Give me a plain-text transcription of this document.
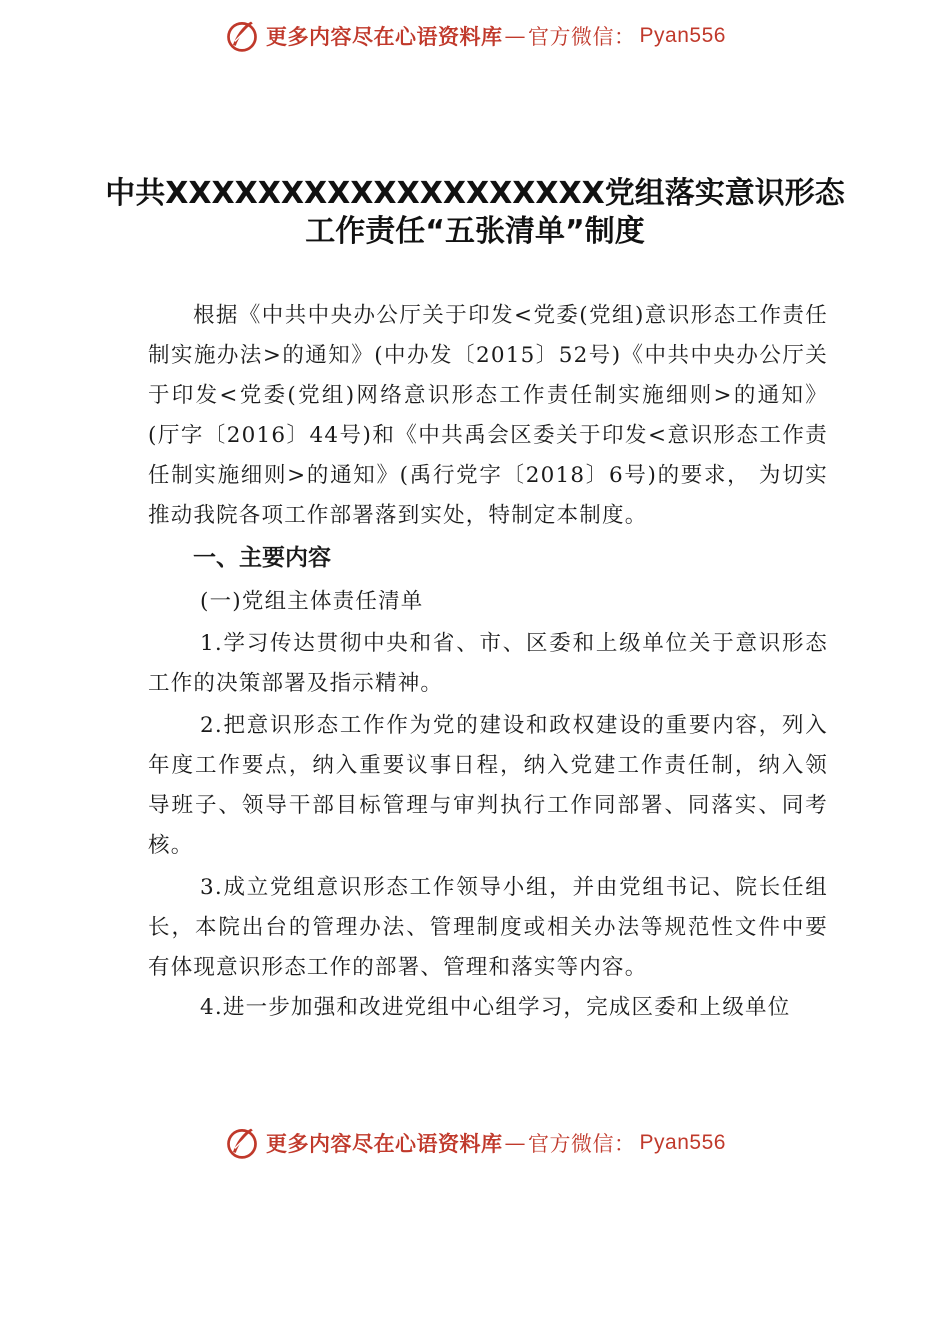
更多内容尽在心语资料库 — 官方微信： Pyan556
中共XXXXXXXXXXXXXXXXXXX党组落实意识形态
工作责任“五张清单”制度
根据《中共中央办公厅关于印发<党委(党组)意识形态工作责任制实施办法>的通知》(中办发〔2015〕52号)《中共中央办公厅关于印发<党委(党组)网络意识形态工作责任制实施细则>的通知》(厅字〔2016〕44号)和《中共禹会区委关于印发<意识形态工作责任制实施细则>的通知》(禹行党字〔2018〕6号)的要求， 为切实推动我院各项工作部署落到实处，特制定本制度。
一、主要内容
(一)党组主体责任清单
1.学习传达贯彻中央和省、市、区委和上级单位关于意识形态工作的决策部署及指示精神。
2.把意识形态工作作为党的建设和政权建设的重要内容，列入年度工作要点，纳入重要议事日程，纳入党建工作责任制，纳入领导班子、领导干部目标管理与审判执行工作同部署、同落实、同考核。
3.成立党组意识形态工作领导小组，并由党组书记、院长任组长，本院出台的管理办法、管理制度或相关办法等规范性文件中要有体现意识形态工作的部署、管理和落实等内容。
4.进一步加强和改进党组中心组学习，完成区委和上级单位
更多内容尽在心语资料库 — 官方微信： Pyan556
